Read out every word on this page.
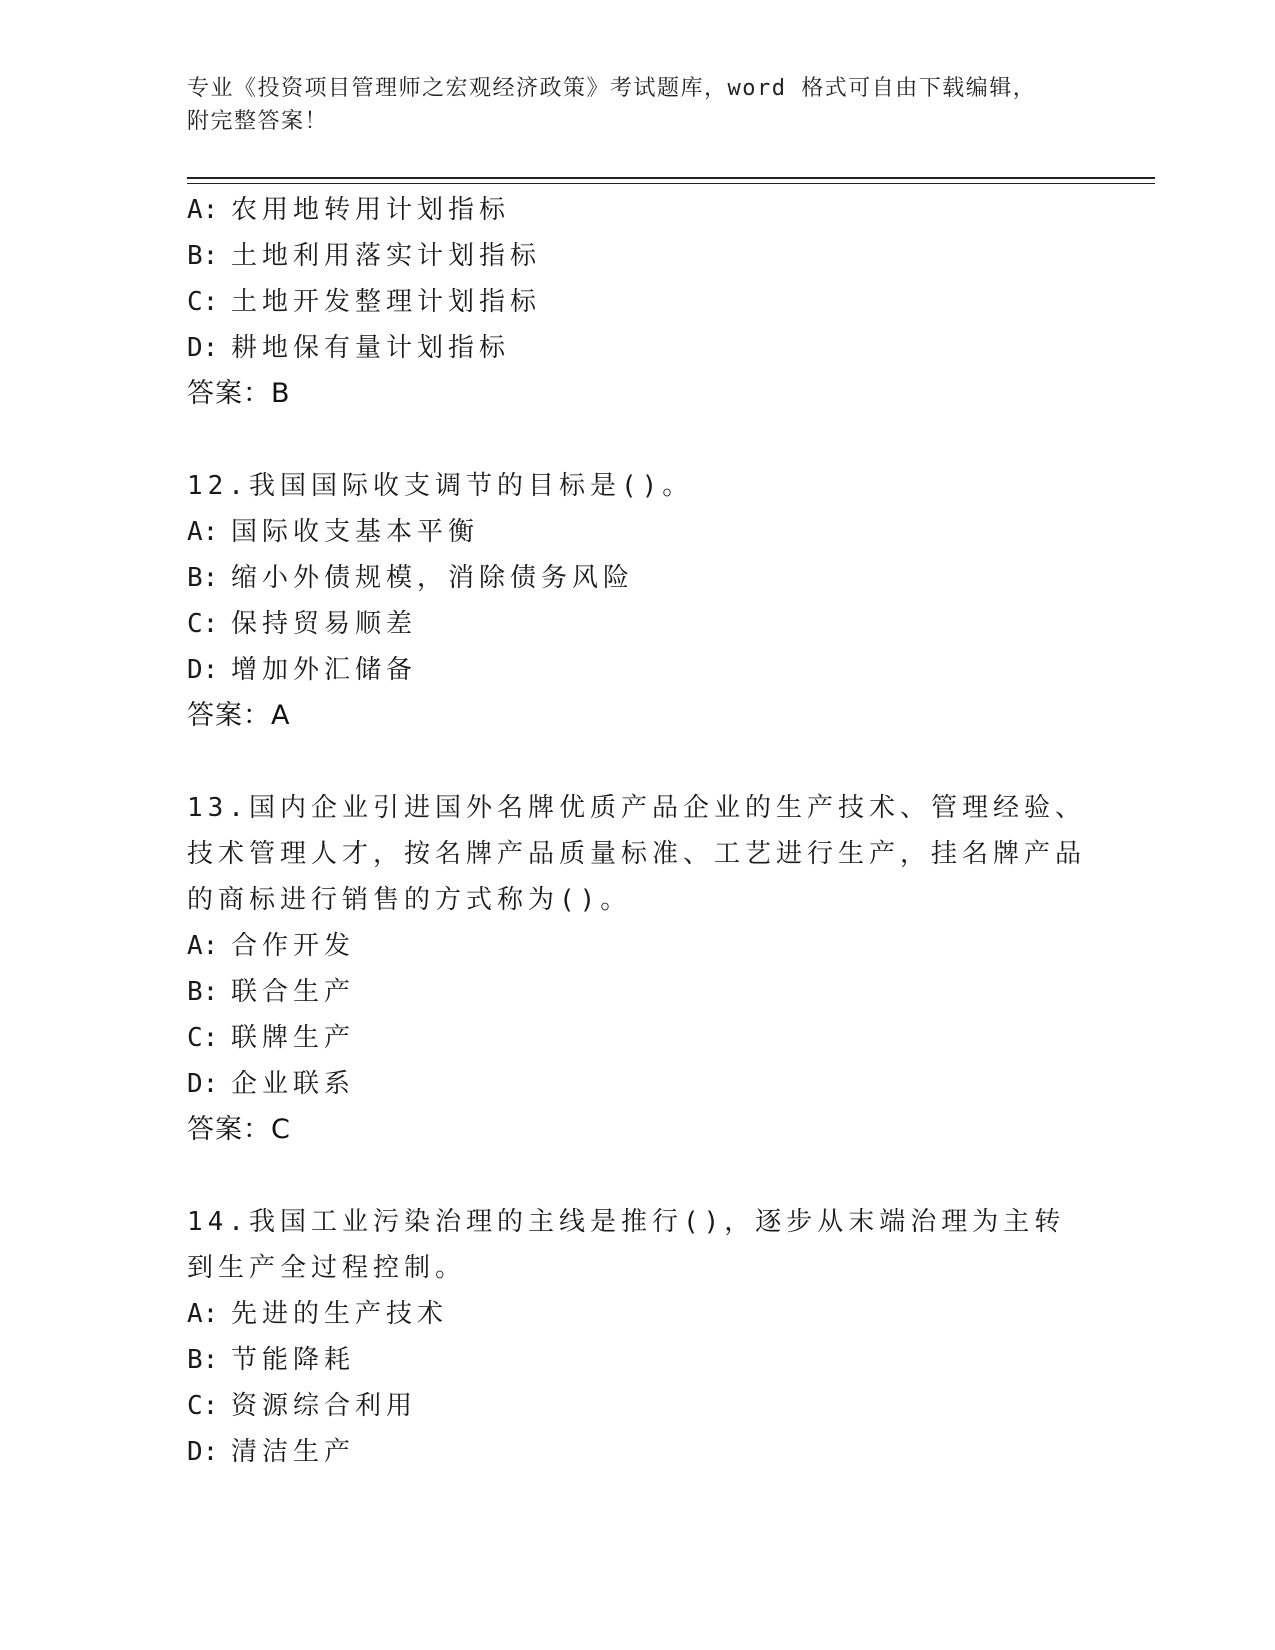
专业《投资项目管理师之宏观经济政策》考试题库，word 格式可自由下载编辑，
附完整答案！

A: 农用地转用计划指标

B: 土地利用落实计划指标

C: 土地开发整理计划指标

D: 耕地保有量计划指标

答案：B

12.我国国际收支调节的目标是()。

A: 国际收支基本平衡

B: 缩小外债规模，消除债务风险

C: 保持贸易顺差

D: 增加外汇储备

答案：A

13.国内企业引进国外名牌优质产品企业的生产技术、管理经验、技术管理人才，按名牌产品质量标准、工艺进行生产，挂名牌产品的商标进行销售的方式称为()。

A: 合作开发

B: 联合生产

C: 联牌生产

D: 企业联系

答案：C

14.我国工业污染治理的主线是推行()，逐步从末端治理为主转到生产全过程控制。

A: 先进的生产技术

B: 节能降耗

C: 资源综合利用

D: 清洁生产
